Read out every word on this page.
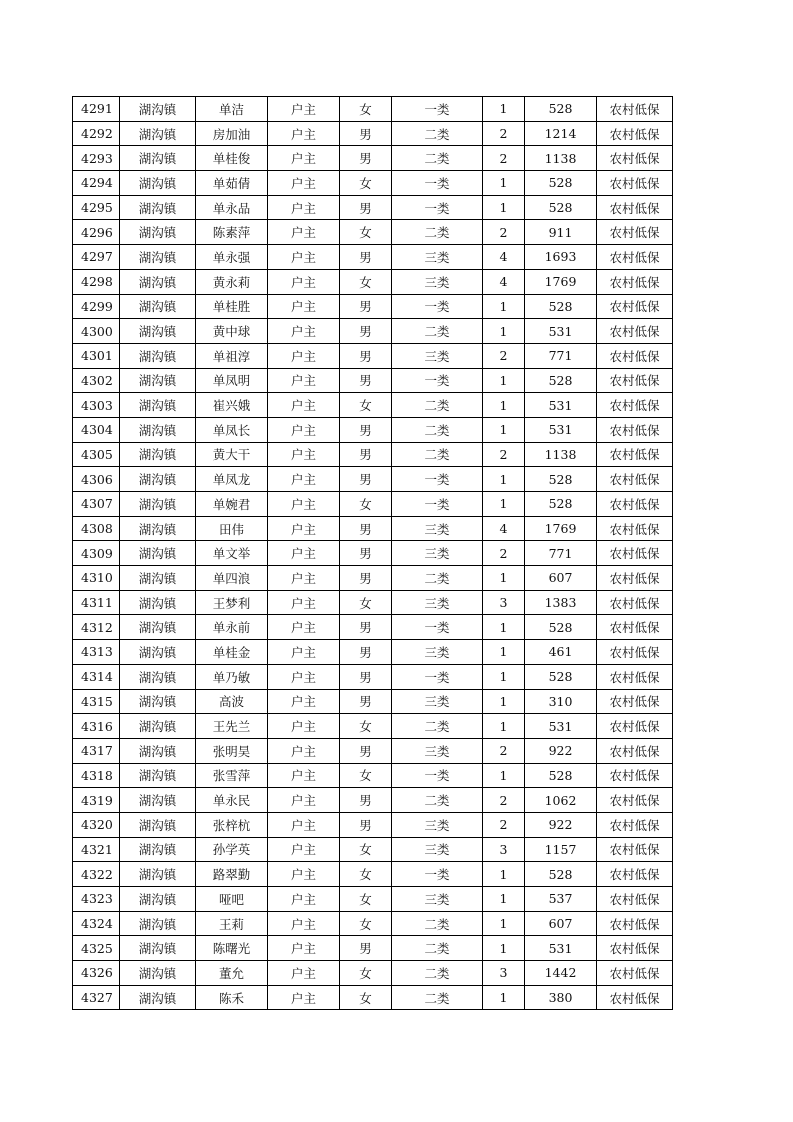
4291	湖沟镇	单洁	户主	女	一类	1	528	农村低保
4292	湖沟镇	房加油	户主	男	二类	2	1214	农村低保
4293	湖沟镇	单桂俊	户主	男	二类	2	1138	农村低保
4294	湖沟镇	单茹倩	户主	女	一类	1	528	农村低保
4295	湖沟镇	单永品	户主	男	一类	1	528	农村低保
4296	湖沟镇	陈素萍	户主	女	二类	2	911	农村低保
4297	湖沟镇	单永强	户主	男	三类	4	1693	农村低保
4298	湖沟镇	黄永莉	户主	女	三类	4	1769	农村低保
4299	湖沟镇	单桂胜	户主	男	一类	1	528	农村低保
4300	湖沟镇	黄中球	户主	男	二类	1	531	农村低保
4301	湖沟镇	单祖淳	户主	男	三类	2	771	农村低保
4302	湖沟镇	单凤明	户主	男	一类	1	528	农村低保
4303	湖沟镇	崔兴娥	户主	女	二类	1	531	农村低保
4304	湖沟镇	单凤长	户主	男	二类	1	531	农村低保
4305	湖沟镇	黄大干	户主	男	二类	2	1138	农村低保
4306	湖沟镇	单凤龙	户主	男	一类	1	528	农村低保
4307	湖沟镇	单婉君	户主	女	一类	1	528	农村低保
4308	湖沟镇	田伟	户主	男	三类	4	1769	农村低保
4309	湖沟镇	单文举	户主	男	三类	2	771	农村低保
4310	湖沟镇	单四浪	户主	男	二类	1	607	农村低保
4311	湖沟镇	王梦利	户主	女	三类	3	1383	农村低保
4312	湖沟镇	单永前	户主	男	一类	1	528	农村低保
4313	湖沟镇	单桂金	户主	男	三类	1	461	农村低保
4314	湖沟镇	单乃敏	户主	男	一类	1	528	农村低保
4315	湖沟镇	高波	户主	男	三类	1	310	农村低保
4316	湖沟镇	王先兰	户主	女	二类	1	531	农村低保
4317	湖沟镇	张明昊	户主	男	三类	2	922	农村低保
4318	湖沟镇	张雪萍	户主	女	一类	1	528	农村低保
4319	湖沟镇	单永民	户主	男	二类	2	1062	农村低保
4320	湖沟镇	张梓杭	户主	男	三类	2	922	农村低保
4321	湖沟镇	孙学英	户主	女	三类	3	1157	农村低保
4322	湖沟镇	路翠勤	户主	女	一类	1	528	农村低保
4323	湖沟镇	哑吧	户主	女	三类	1	537	农村低保
4324	湖沟镇	王莉	户主	女	二类	1	607	农村低保
4325	湖沟镇	陈曙光	户主	男	二类	1	531	农村低保
4326	湖沟镇	董允	户主	女	二类	3	1442	农村低保
4327	湖沟镇	陈禾	户主	女	二类	1	380	农村低保
